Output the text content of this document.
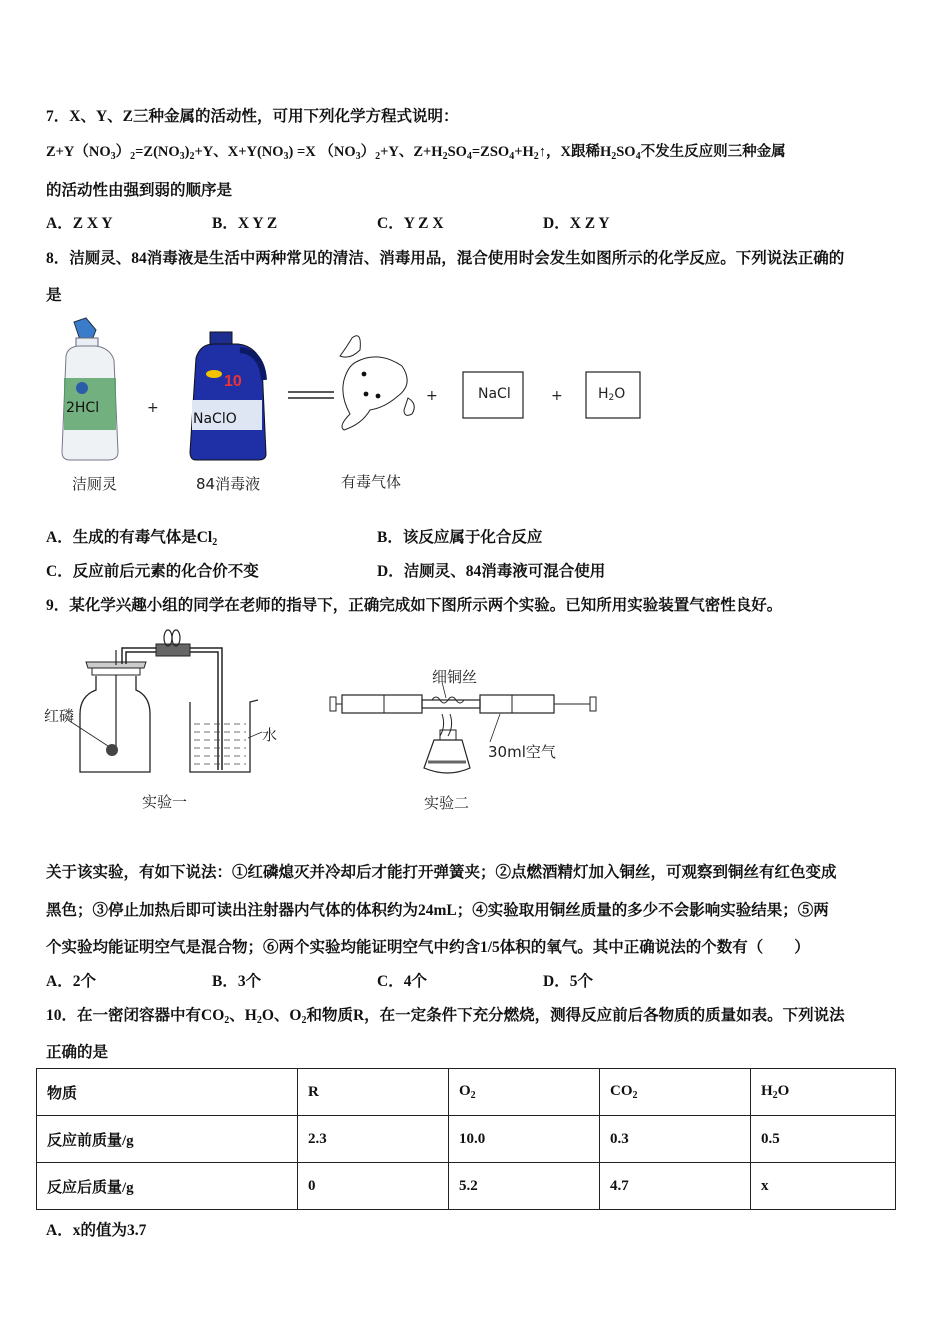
7．X、Y、Z三种金属的活动性，可用下列化学方程式说明：
$Z+Y(NO_3)_2=Z(NO_3)_2+Y$、$X+Y(NO_3) =X$ $(NO_3)_2+Y$、$Z+H_2SO_4=ZSO_4+H_2↑$，X跟稀$H_2SO_4$不发生反应则三种金属
的活动性由强到弱的顺序是
A．Z X Y	B．X Y Z	C．Y Z X	D．X Z Y
8．洁厕灵、84消毒液是生活中两种常见的清洁、消毒用品，混合使用时会发生如图所示的化学反应。下列说法正确的
是
10
+
+	+
2HCl
NaClO
NaCl	H2O
洁厕灵	84消毒液	有毒气体
A．生成的有毒气体是$Cl_2$	B．该反应属于化合反应
C．反应前后元素的化合价不变	D．洁厕灵、84消毒液可混合使用
9．某化学兴趣小组的同学在老师的指导下，正确完成如下图所示两个实验。已知所用实验装置气密性良好。
红磷
水
实验一
细铜丝
30ml空气
实验二
关于该实验，有如下说法：①红磷熄灭并冷却后才能打开弹簧夹；②点燃酒精灯加入铜丝，可观察到铜丝有红色变成
黑色；③停止加热后即可读出注射器内气体的体积约为24mL；④实验取用铜丝质量的多少不会影响实验结果；⑤两
个实验均能证明空气是混合物；⑥两个实验均能证明空气中约含1/5体积的氧气。其中正确说法的个数有（　　）
A．2个	B．3个	C．4个	D．5个
10．在一密闭容器中有$CO_2$、$H_2O$、$O_2$和物质R，在一定条件下充分燃烧，测得反应前后各物质的质量如表。下列说法
正确的是
物质	R	$O_2$	$CO_2$	$H_2O$
反应前质量/g	2.3	10.0	0.3	0.5
反应后质量/g	0	5.2	4.7	x
A．x的值为3.7
